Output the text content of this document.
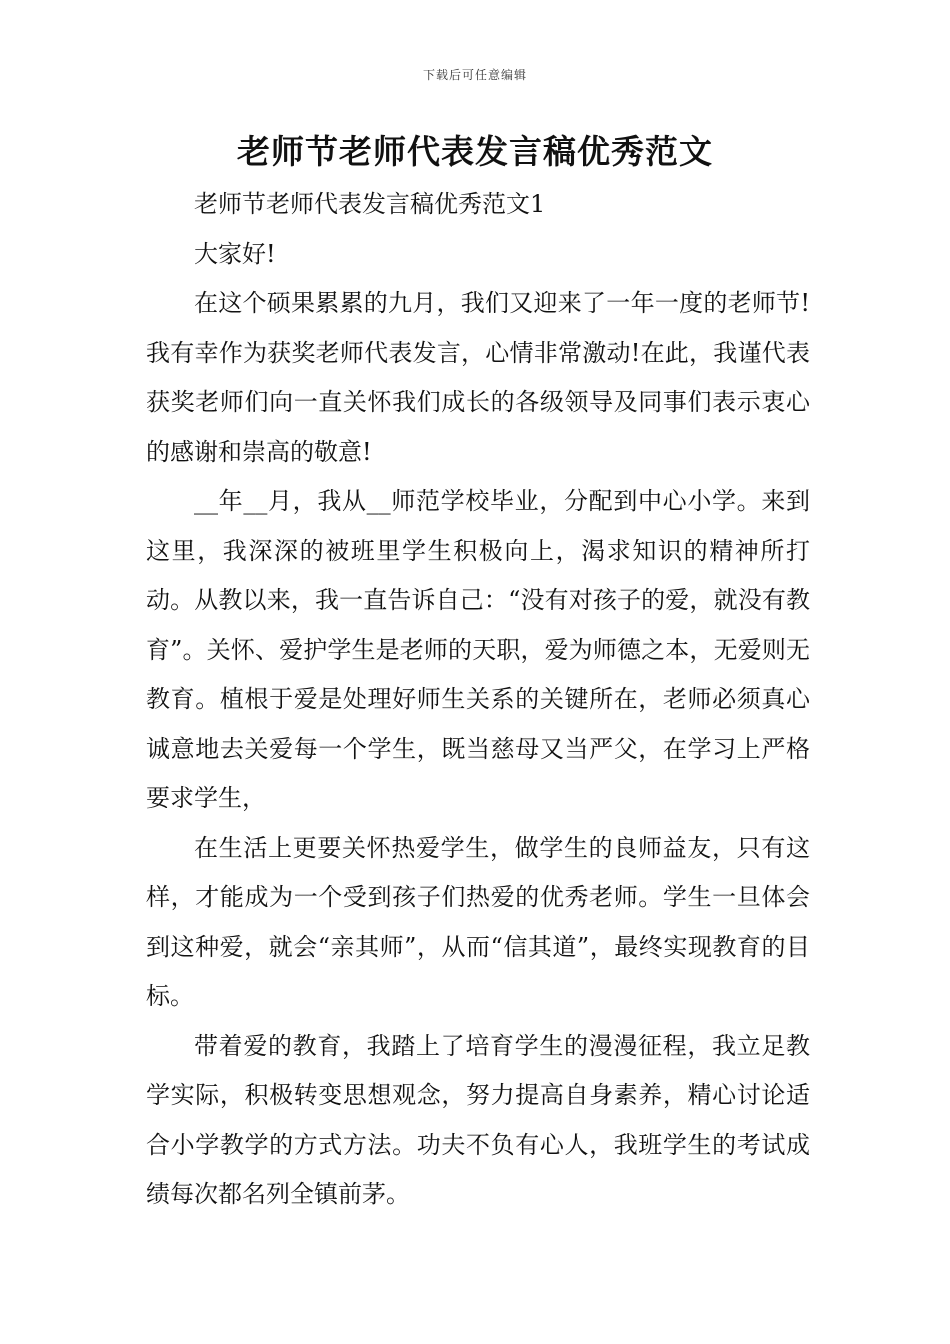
下载后可任意编辑
老师节老师代表发言稿优秀范文

老师节老师代表发言稿优秀范文1

大家好!

在这个硕果累累的九月，我们又迎来了一年一度的老师节!我有幸作为获奖老师代表发言，心情非常激动!在此，我谨代表获奖老师们向一直关怀我们成长的各级领导及同事们表示衷心的感谢和崇高的敬意!

__年__月，我从__师范学校毕业，分配到中心小学。来到这里，我深深的被班里学生积极向上，渴求知识的精神所打动。从教以来，我一直告诉自己：“没有对孩子的爱，就没有教育”。关怀、爱护学生是老师的天职，爱为师德之本，无爱则无教育。植根于爱是处理好师生关系的关键所在，老师必须真心诚意地去关爱每一个学生，既当慈母又当严父，在学习上严格要求学生，

在生活上更要关怀热爱学生，做学生的良师益友，只有这样，才能成为一个受到孩子们热爱的优秀老师。学生一旦体会到这种爱，就会“亲其师”，从而“信其道”，最终实现教育的目标。

带着爱的教育，我踏上了培育学生的漫漫征程，我立足教学实际，积极转变思想观念，努力提高自身素养，精心讨论适合小学教学的方式方法。功夫不负有心人，我班学生的考试成绩每次都名列全镇前茅。
